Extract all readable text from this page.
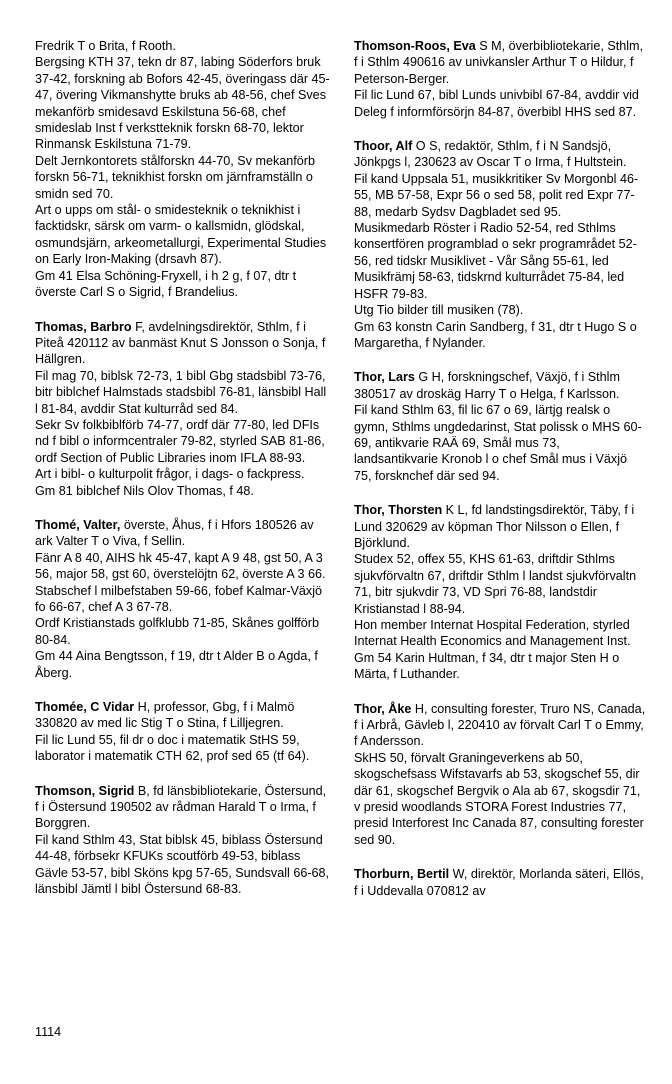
Fredrik T o Brita, f Rooth.

Bergsing KTH 37, tekn dr 87, labing Söderfors bruk 37-42, forskning ab Bofors 42-45, överingass där 45-47, övering Vikmanshytte bruks ab 48-56, chef Sves mekanförb smidesavd Eskilstuna 56-68, chef smideslab Inst f verkstteknik forskn 68-70, lektor Rinmansk Eskilstuna 71-79.

Delt Jernkontorets stålforskn 44-70, Sv mekanförb forskn 56-71, teknikhist forskn om järnframställn o smidn sed 70.

Art o upps om stål- o smidesteknik o teknikhist i facktidskr, särsk om varm- o kallsmidn, glödskal, osmundsjärn, arkeometallurgi, Experimental Studies on Early Iron-Making (drsavh 87).

Gm 41 Elsa Schöning-Fryxell, i h 2 g, f 07, dtr t överste Carl S o Sigrid, f Brandelius.

Thomas, Barbro F, avdelningsdirektör, Sthlm, f i Piteå 420112 av banmäst Knut S Jonsson o Sonja, f Hällgren.

Fil mag 70, biblsk 72-73, 1 bibl Gbg stadsbibl 73-76, bitr biblchef Halmstads stadsbibl 76-81, länsbibl Hall l 81-84, avddir Stat kulturråd sed 84.

Sekr Sv folkbiblförb 74-77, ordf där 77-80, led DFIs nd f bibl o informcentraler 79-82, styrled SAB 81-86, ordf Section of Public Libraries inom IFLA 88-93.

Art i bibl- o kulturpolit frågor, i dags- o fackpress.

Gm 81 biblchef Nils Olov Thomas, f 48.

Thomé, Valter, överste, Åhus, f i Hfors 180526 av ark Valter T o Viva, f Sellin.

Fänr A 8 40, AIHS hk 45-47, kapt A 9 48, gst 50, A 3 56, major 58, gst 60, överstelöjtn 62, överste A 3 66.

Stabschef l milbefstaben 59-66, fobef Kalmar-Växjö fo 66-67, chef A 3 67-78.

Ordf Kristianstads golfklubb 71-85, Skånes golfförb 80-84.

Gm 44 Aina Bengtsson, f 19, dtr t Alder B o Agda, f Åberg.

Thomée, C Vidar H, professor, Gbg, f i Malmö 330820 av med lic Stig T o Stina, f Lilljegren.

Fil lic Lund 55, fil dr o doc i matematik StHS 59, laborator i matematik CTH 62, prof sed 65 (tf 64).

Thomson, Sigrid B, fd länsbibliotekarie, Östersund, f i Östersund 190502 av rådman Harald T o Irma, f Borggren.

Fil kand Sthlm 43, Stat biblsk 45, biblass Östersund 44-48, förbsekr KFUKs scoutförb 49-53, biblass Gävle 53-57, bibl Sköns kpg 57-65, Sundsvall 66-68, länsbibl Jämtl l bibl Östersund 68-83.

Thomson-Roos, Eva S M, överbibliotekarie, Sthlm, f i Sthlm 490616 av univkansler Arthur T o Hildur, f Peterson-Berger.

Fil lic Lund 67, bibl Lunds univbibl 67-84, avddir vid Deleg f informförsörjn 84-87, överbibl HHS sed 87.

Thoor, Alf O S, redaktör, Sthlm, f i N Sandsjö, Jönkpgs l, 230623 av Oscar T o Irma, f Hultstein.

Fil kand Uppsala 51, musikkritiker Sv Morgonbl 46-55, MB 57-58, Expr 56 o sed 58, polit red Expr 77-88, medarb Sydsv Dagbladet sed 95.

Musikmedarb Röster i Radio 52-54, red Sthlms konsertfören programblad o sekr programrådet 52-56, red tidskr Musiklivet - Vår Sång 55-61, led Musikfrämj 58-63, tidskrnd kulturrådet 75-84, led HSFR 79-83.

Utg Tio bilder till musiken (78).

Gm 63 konstn Carin Sandberg, f 31, dtr t Hugo S o Margaretha, f Nylander.

Thor, Lars G H, forskningschef, Växjö, f i Sthlm 380517 av droskäg Harry T o Helga, f Karlsson.

Fil kand Sthlm 63, fil lic 67 o 69, lärtjg realsk o gymn, Sthlms ungdedarinst, Stat polissk o MHS 60-69, antikvarie RAÄ 69, Smål mus 73, landsantikvarie Kronob l o chef Smål mus i Växjö 75, forsknchef där sed 94.

Thor, Thorsten K L, fd landstingsdirektör, Täby, f i Lund 320629 av köpman Thor Nilsson o Ellen, f Björklund.

Studex 52, offex 55, KHS 61-63, driftdir Sthlms sjukvförvaltn 67, driftdir Sthlm l landst sjukvförvaltn 71, bitr sjukvdir 73, VD Spri 76-88, landstdir Kristianstad l 88-94.

Hon member Internat Hospital Federation, styrled Internat Health Economics and Management Inst.

Gm 54 Karin Hultman, f 34, dtr t major Sten H o Märta, f Luthander.

Thor, Åke H, consulting forester, Truro NS, Canada, f i Arbrå, Gävleb l, 220410 av förvalt Carl T o Emmy, f Andersson.

SkHS 50, förvalt Graningeverkens ab 50, skogschefsass Wifstavarfs ab 53, skogschef 55, dir där 61, skogschef Bergvik o Ala ab 67, skogsdir 71, v presid woodlands STORA Forest Industries 77, presid Interforest Inc Canada 87, consulting forester sed 90.

Thorburn, Bertil W, direktör, Morlanda säteri, Ellös, f i Uddevalla 070812 av

1114
